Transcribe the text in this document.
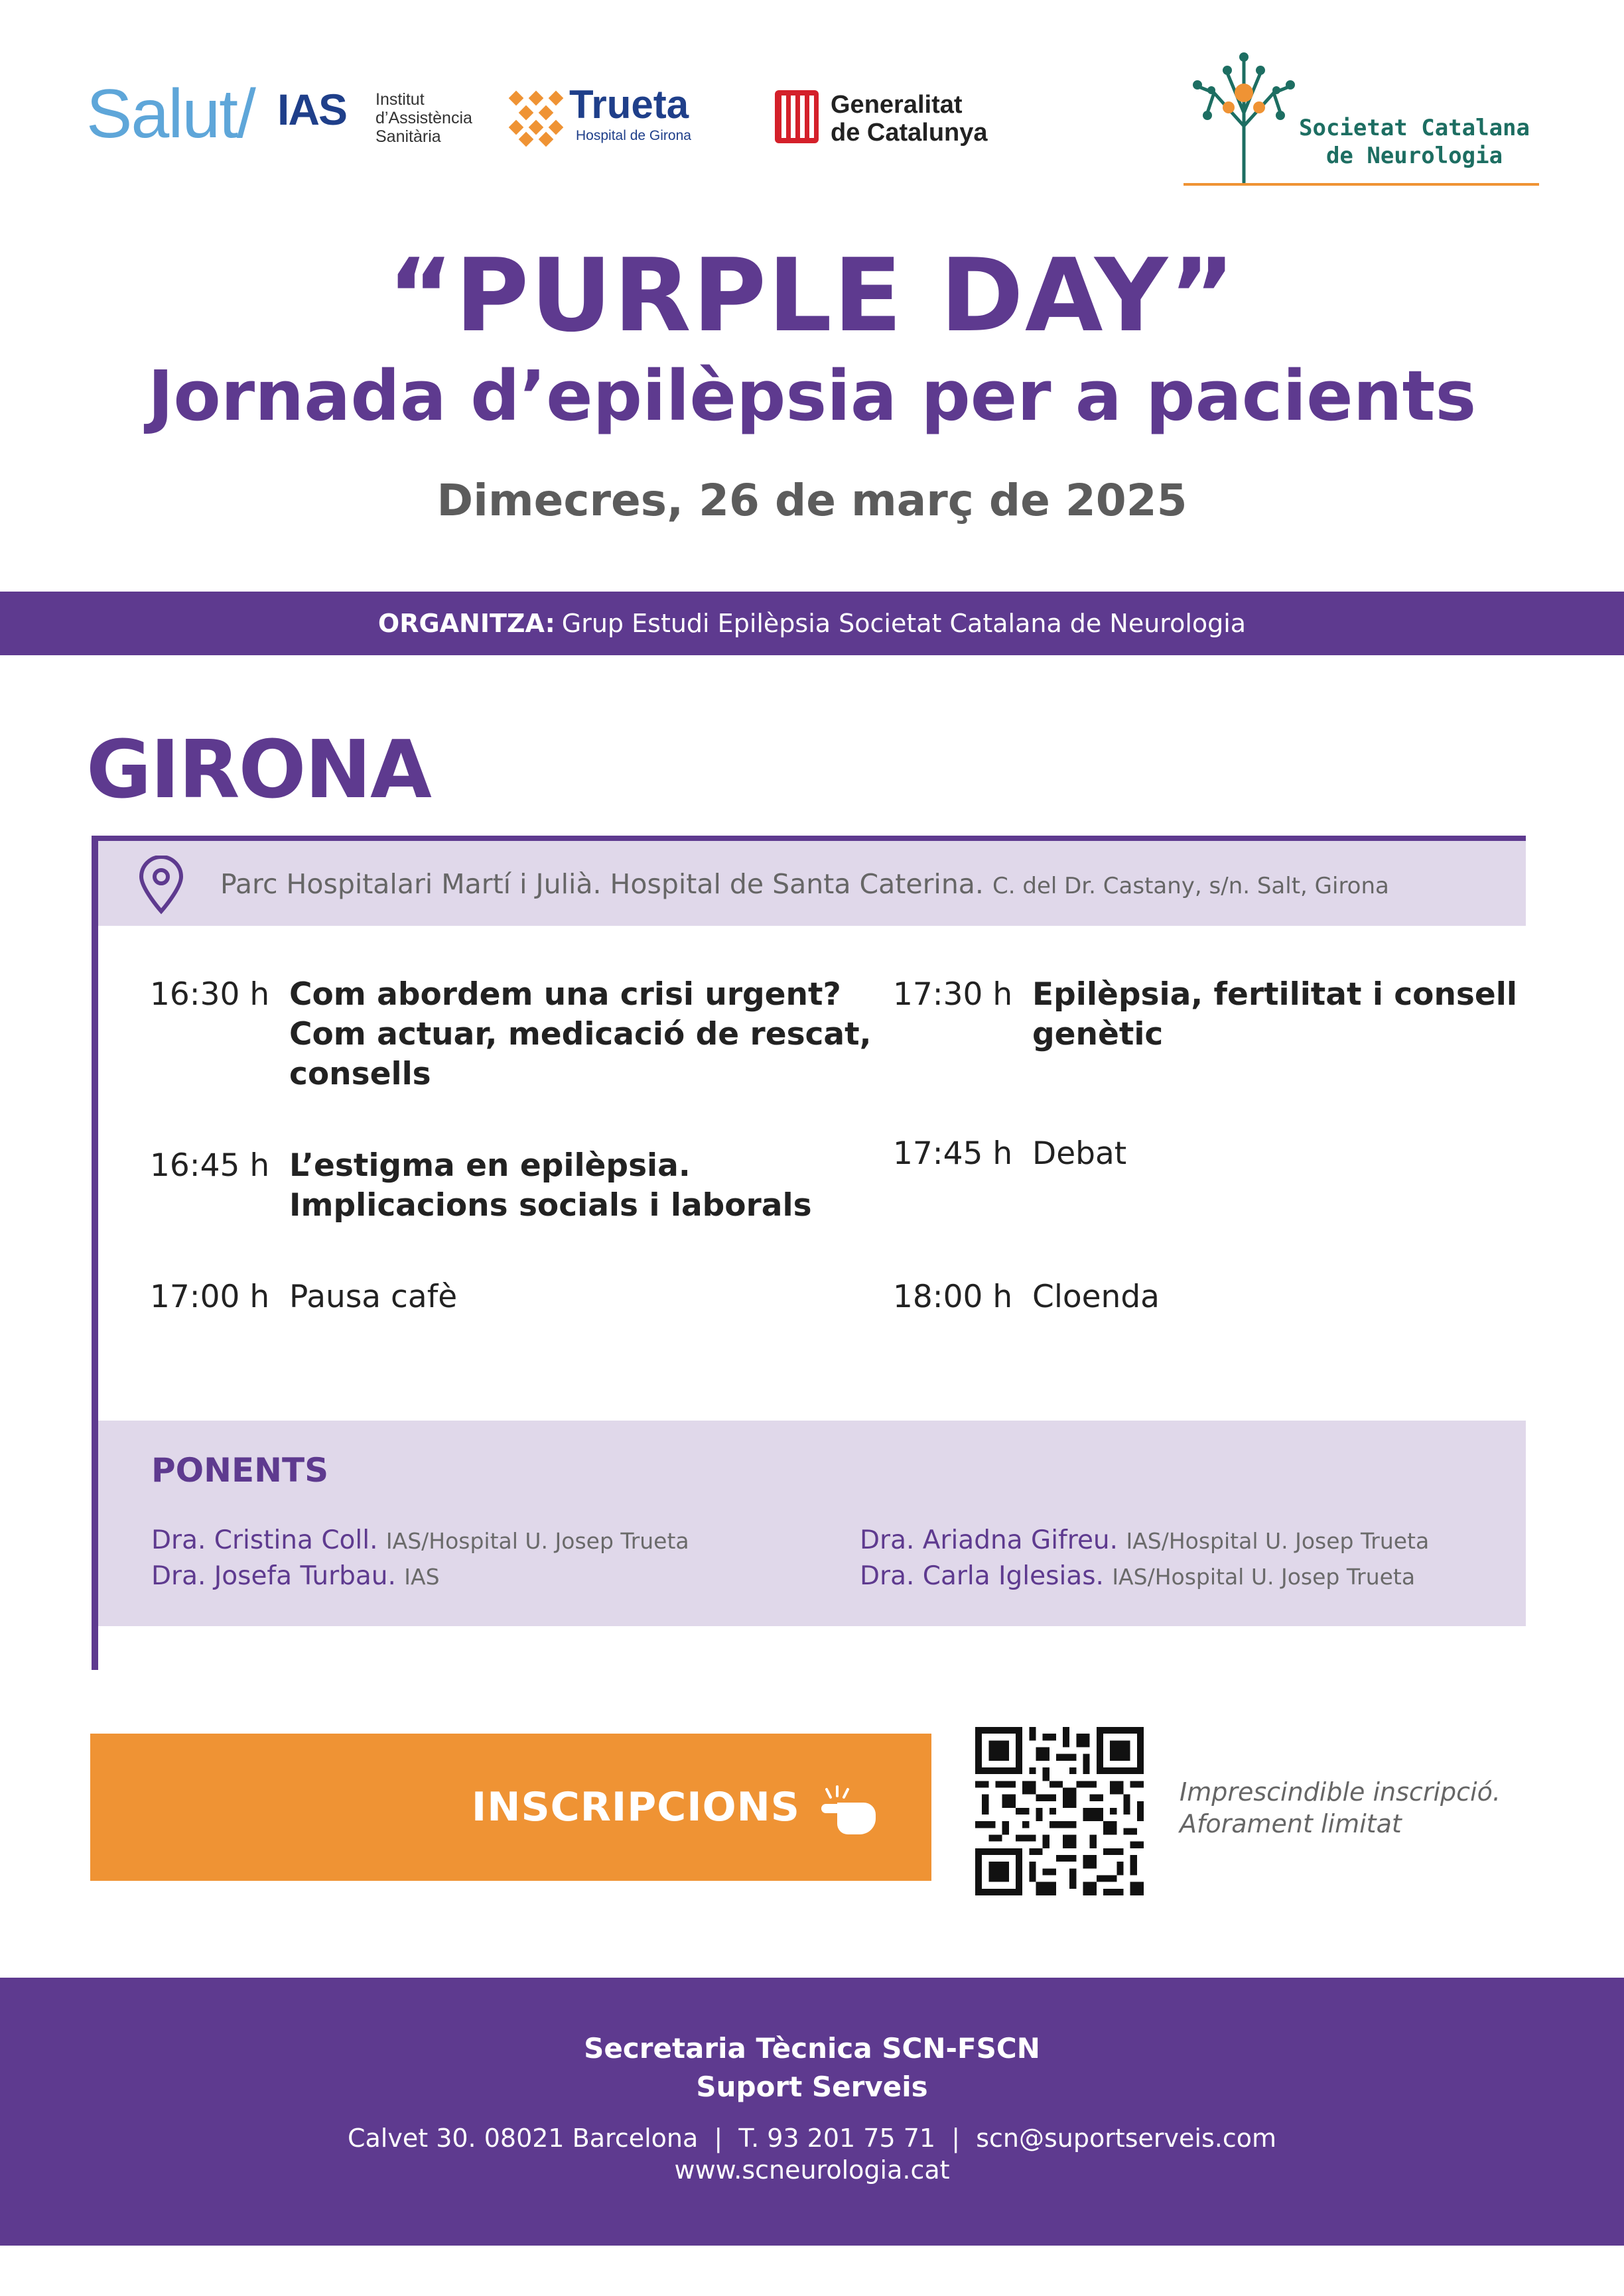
Salut/ IAS Institut
d’Assistència
Sanitària
Trueta
Hospital de Girona
Generalitat
de Catalunya	Societat Catalana
de Neurologia
“PURPLE DAY”
Jornada d’epilèpsia per a pacients
Dimecres, 26 de març de 2025
ORGANITZA: Grup Estudi Epilèpsia Societat Catalana de Neurologia
GIRONA
Parc Hospitalari Martí i Julià. Hospital de Santa Caterina. C. del Dr. Castany, s/n. Salt, Girona
16:30 h Com abordem una crisi urgent?
Com actuar, medicació de rescat,
consells
16:45 h L’estigma en epilèpsia.
Implicacions socials i laborals
17:00 h Pausa cafè
17:30 h Epilèpsia, fertilitat i consell
genètic
17:45 h Debat
18:00 h Cloenda
PONENTS
Dra. Cristina Coll. IAS/Hospital U. Josep Trueta
Dra. Josefa Turbau. IAS
Dra. Ariadna Gifreu. IAS/Hospital U. Josep Trueta
Dra. Carla Iglesias. IAS/Hospital U. Josep Trueta
INSCRIPCIONS	Imprescindible inscripció.
Aforament limitat
Secretaria Tècnica SCN-FSCN
Suport Serveis
Calvet 30. 08021 Barcelona  |  T. 93 201 75 71  |  scn@suportserveis.com
www.scneurologia.cat
